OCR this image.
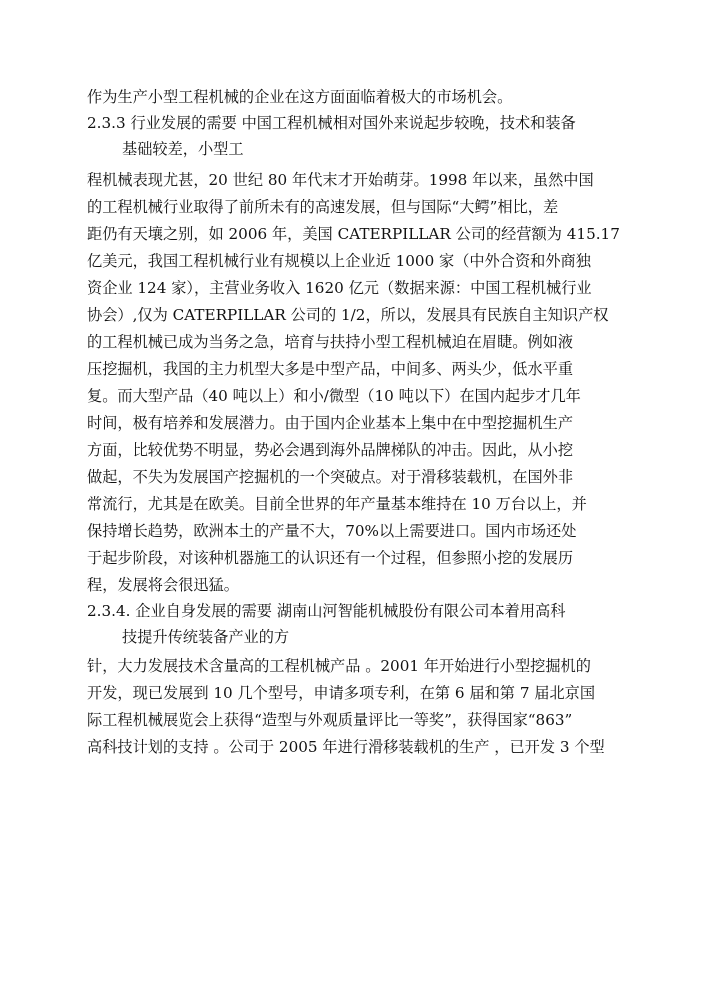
作为生产小型工程机械的企业在这方面面临着极大的市场机会。
2.3.3 行业发展的需要 中国工程机械相对国外来说起步较晚，技术和装备
基础较差，小型工
程机械表现尤甚，20 世纪 80 年代末才开始萌芽。1998 年以来，虽然中国
的工程机械行业取得了前所未有的高速发展，但与国际“大鳄”相比，差
距仍有天壤之别，如 2006 年，美国 CATERPILLAR 公司的经营额为 415.17
亿美元，我国工程机械行业有规模以上企业近 1000 家（中外合资和外商独
资企业 124 家），主营业务收入 1620 亿元（数据来源：中国工程机械行业
协会）,仅为 CATERPILLAR 公司的 1/2，所以，发展具有民族自主知识产权
的工程机械已成为当务之急，培育与扶持小型工程机械迫在眉睫。例如液
压挖掘机，我国的主力机型大多是中型产品，中间多、两头少，低水平重
复。而大型产品（40 吨以上）和小/微型（10 吨以下）在国内起步才几年
时间，极有培养和发展潜力。由于国内企业基本上集中在中型挖掘机生产
方面，比较优势不明显，势必会遇到海外品牌梯队的冲击。因此，从小挖
做起，不失为发展国产挖掘机的一个突破点。对于滑移装载机，在国外非
常流行，尤其是在欧美。目前全世界的年产量基本维持在 10 万台以上，并
保持增长趋势，欧洲本土的产量不大，70%以上需要进口。国内市场还处
于起步阶段，对该种机器施工的认识还有一个过程，但参照小挖的发展历
程，发展将会很迅猛。
2.3.4. 企业自身发展的需要 湖南山河智能机械股份有限公司本着用高科
技提升传统装备产业的方
针，大力发展技术含量高的工程机械产品 。2001 年开始进行小型挖掘机的
开发，现已发展到 10 几个型号，申请多项专利，在第 6 届和第 7 届北京国
际工程机械展览会上获得“造型与外观质量评比一等奖”，获得国家“863”
高科技计划的支持 。公司于 2005 年进行滑移装载机的生产 ，已开发 3 个型
